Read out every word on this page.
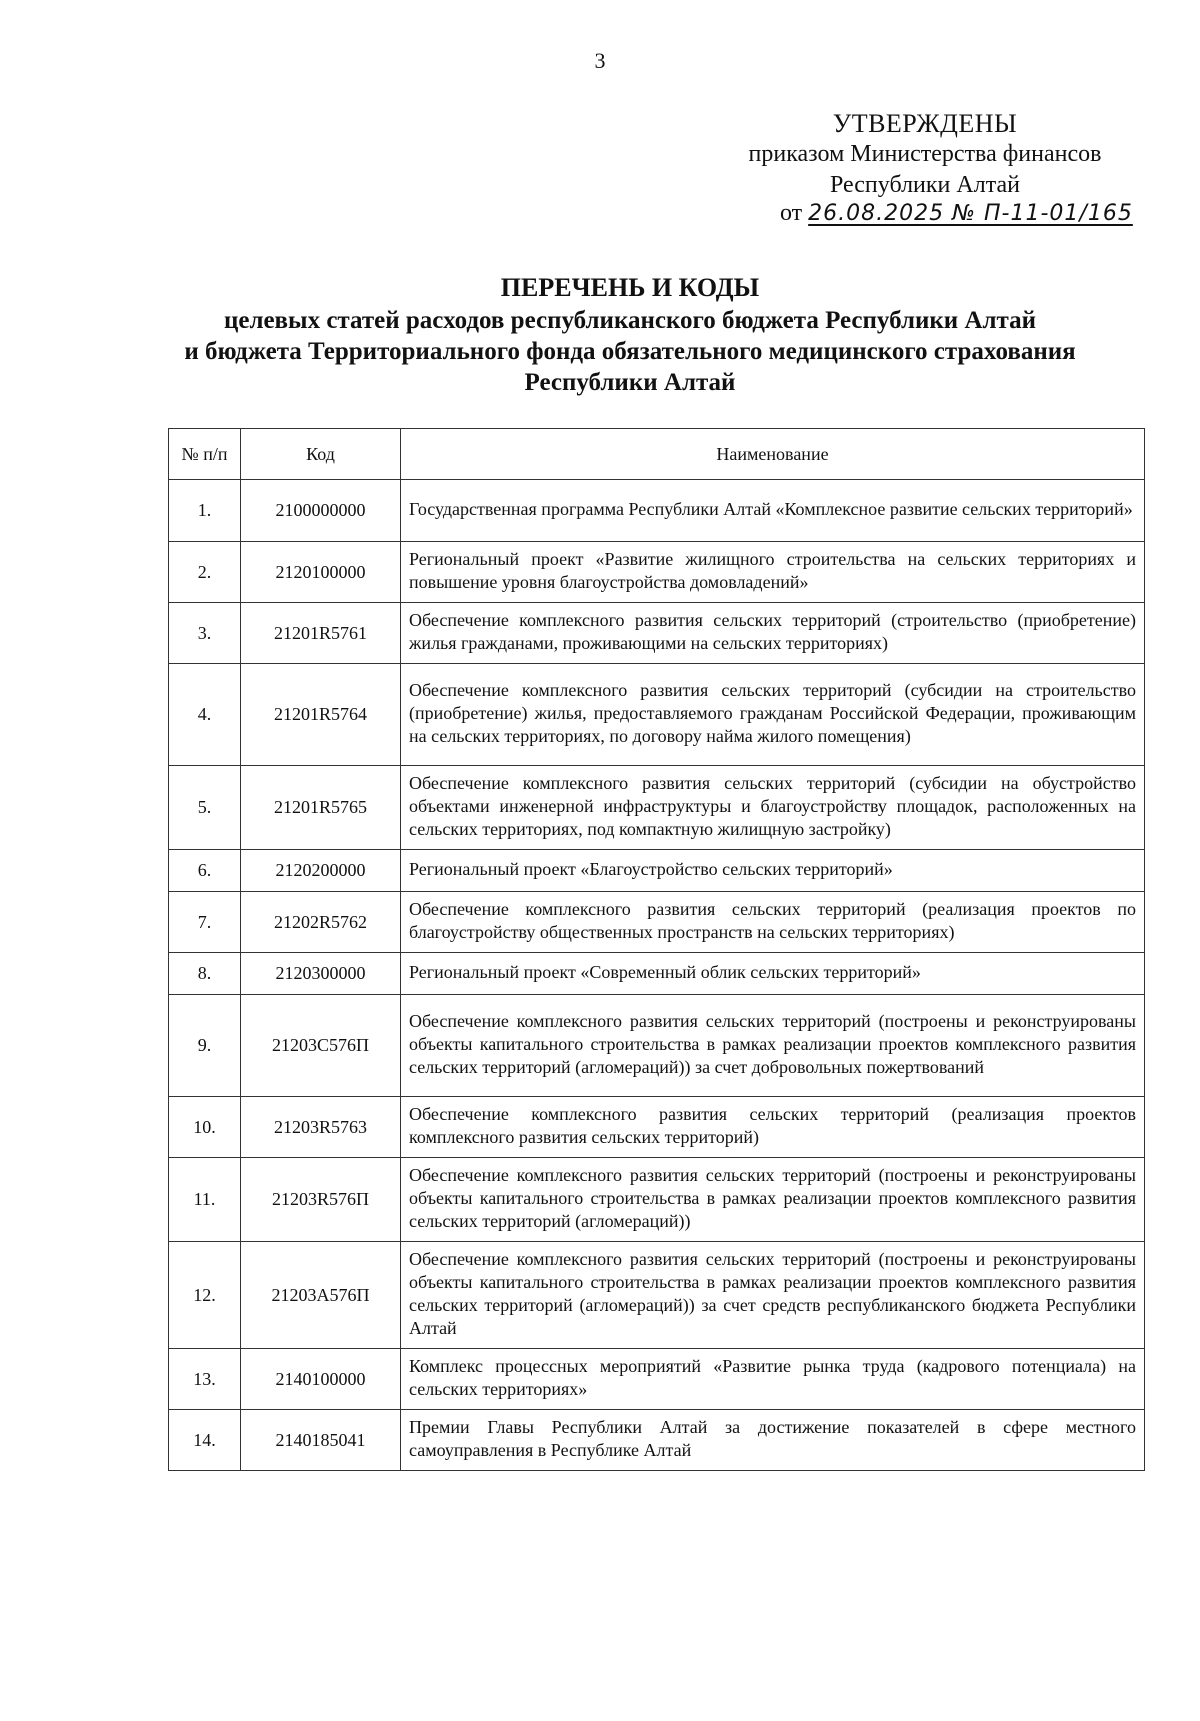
3
УТВЕРЖДЕНЫ
приказом Министерства финансов
Республики Алтай
от 26.08.2025 № П-11-01/165
ПЕРЕЧЕНЬ И КОДЫ
целевых статей расходов республиканского бюджета Республики Алтай
и бюджета Территориального фонда обязательного медицинского страхования
Республики Алтай
№ п/п	Код	Наименование
1.	2100000000	Государственная программа Республики Алтай «Комплексное развитие сельских территорий»
2.	2120100000	Региональный проект «Развитие жилищного строительства на сельских территориях и повышение уровня благоустройства домовладений»
3.	21201R5761	Обеспечение комплексного развития сельских территорий (строительство (приобретение) жилья гражданами, проживающими на сельских территориях)
4.	21201R5764	Обеспечение комплексного развития сельских территорий (субсидии на строительство (приобретение) жилья, предоставляемого гражданам Российской Федерации, проживающим на сельских территориях, по договору найма жилого помещения)
5.	21201R5765	Обеспечение комплексного развития сельских территорий (субсидии на обустройство объектами инженерной инфраструктуры и благоустройству площадок, расположенных на сельских территориях, под компактную жилищную застройку)
6.	2120200000	Региональный проект «Благоустройство сельских территорий»
7.	21202R5762	Обеспечение комплексного развития сельских территорий (реализация проектов по благоустройству общественных пространств на сельских территориях)
8.	2120300000	Региональный проект «Современный облик сельских территорий»
9.	21203C576П	Обеспечение комплексного развития сельских территорий (построены и реконструированы объекты капитального строительства в рамках реализации проектов комплексного развития сельских территорий (агломераций)) за счет добровольных пожертвований
10.	21203R5763	Обеспечение комплексного развития сельских территорий (реализация проектов комплексного развития сельских территорий)
11.	21203R576П	Обеспечение комплексного развития сельских территорий (построены и реконструированы объекты капитального строительства в рамках реализации проектов комплексного развития сельских территорий (агломераций))
12.	21203A576П	Обеспечение комплексного развития сельских территорий (построены и реконструированы объекты капитального строительства в рамках реализации проектов комплексного развития сельских территорий (агломераций)) за счет средств республиканского бюджета Республики Алтай
13.	2140100000	Комплекс процессных мероприятий «Развитие рынка труда (кадрового потенциала) на сельских территориях»
14.	2140185041	Премии Главы Республики Алтай за достижение показателей в сфере местного самоуправления в Республике Алтай
